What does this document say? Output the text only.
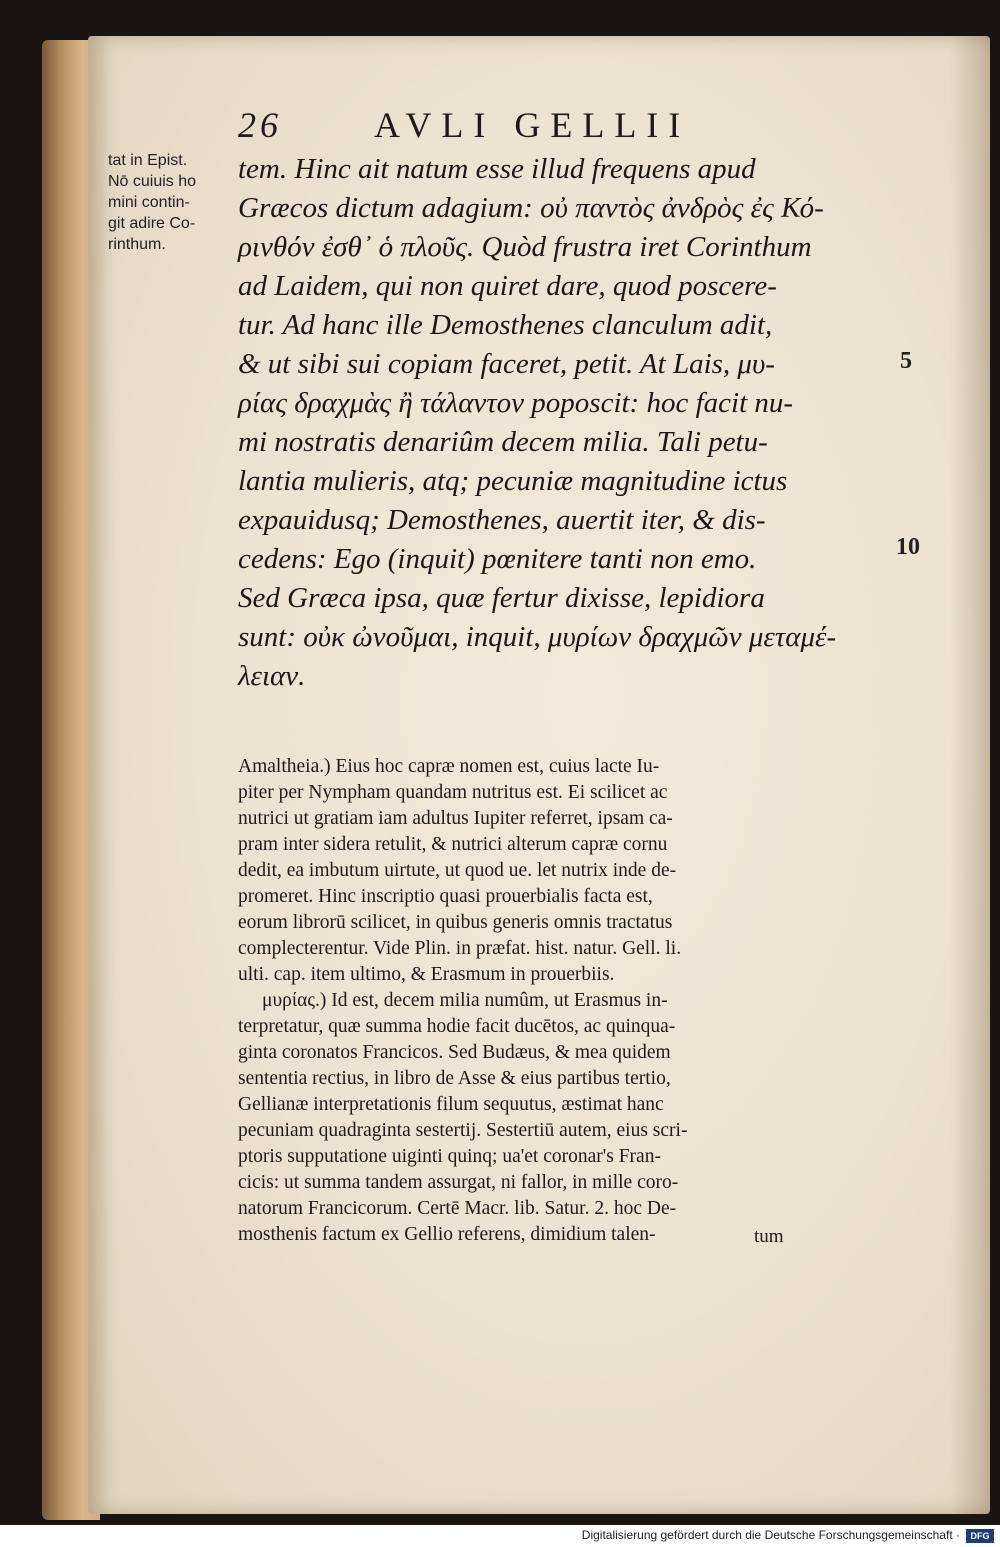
26	AVLI GELLII
tat in Epist.
Nō cuiuis ho
mini contin-
git adire Co-
rinthum.
tem. Hinc ait natum esse illud frequens apud
Græcos dictum adagium: οὐ παντὸς ἀνδρὸς ἐς Κό-
ρινθόν ἐσθ᾽ ὁ πλοῦς. Quòd frustra iret Corinthum
ad Laidem, qui non quiret dare, quod poscere-
tur. Ad hanc ille Demosthenes clanculum adit,
& ut sibi sui copiam faceret, petit. At Lais, μυ-
ρίας δραχμὰς ἢ τάλαντον poposcit: hoc facit nu-
mi nostratis denariûm decem milia. Tali petu-
lantia mulieris, atq; pecuniæ magnitudine ictus
expauidusq; Demosthenes, auertit iter, & dis-
cedens: Ego (inquit) pœnitere tanti non emo.
Sed Græca ipsa, quæ fertur dixisse, lepidiora
sunt: οὐκ ὠνοῦμαι, inquit, μυρίων δραχμῶν μεταμέ-
λειαν.
5
10
Amaltheia.) Eius hoc capræ nomen est, cuius lacte Iu-
piter per Nympham quandam nutritus est. Ei scilicet ac
nutrici ut gratiam iam adultus Iupiter referret, ipsam ca-
pram inter sidera retulit, & nutrici alterum capræ cornu
dedit, ea imbutum uirtute, ut quod ue. let nutrix inde de-
promeret. Hinc inscriptio quasi prouerbialis facta est,
eorum librorū scilicet, in quibus generis omnis tractatus
complecterentur. Vide Plin. in præfat. hist. natur. Gell. li.
ulti. cap. item ultimo, & Erasmum in prouerbiis.
μυρίας.) Id est, decem milia numûm, ut Erasmus in-
terpretatur, quæ summa hodie facit ducētos, ac quinqua-
ginta coronatos Francicos. Sed Budæus, & mea quidem
sententia rectius, in libro de Asse & eius partibus tertio,
Gellianæ interpretationis filum sequutus, æstimat hanc
pecuniam quadraginta sestertij. Sestertiū autem, eius scri-
ptoris supputatione uiginti quinq; ua'et coronar's Fran-
cicis: ut summa tandem assurgat, ni fallor, in mille coro-
natorum Francicorum. Certē Macr. lib. Satur. 2. hoc De-
mosthenis factum ex Gellio referens, dimidium talen-	tum
Digitalisierung gefördert durch die Deutsche Forschungsgemeinschaft ·	DFG
